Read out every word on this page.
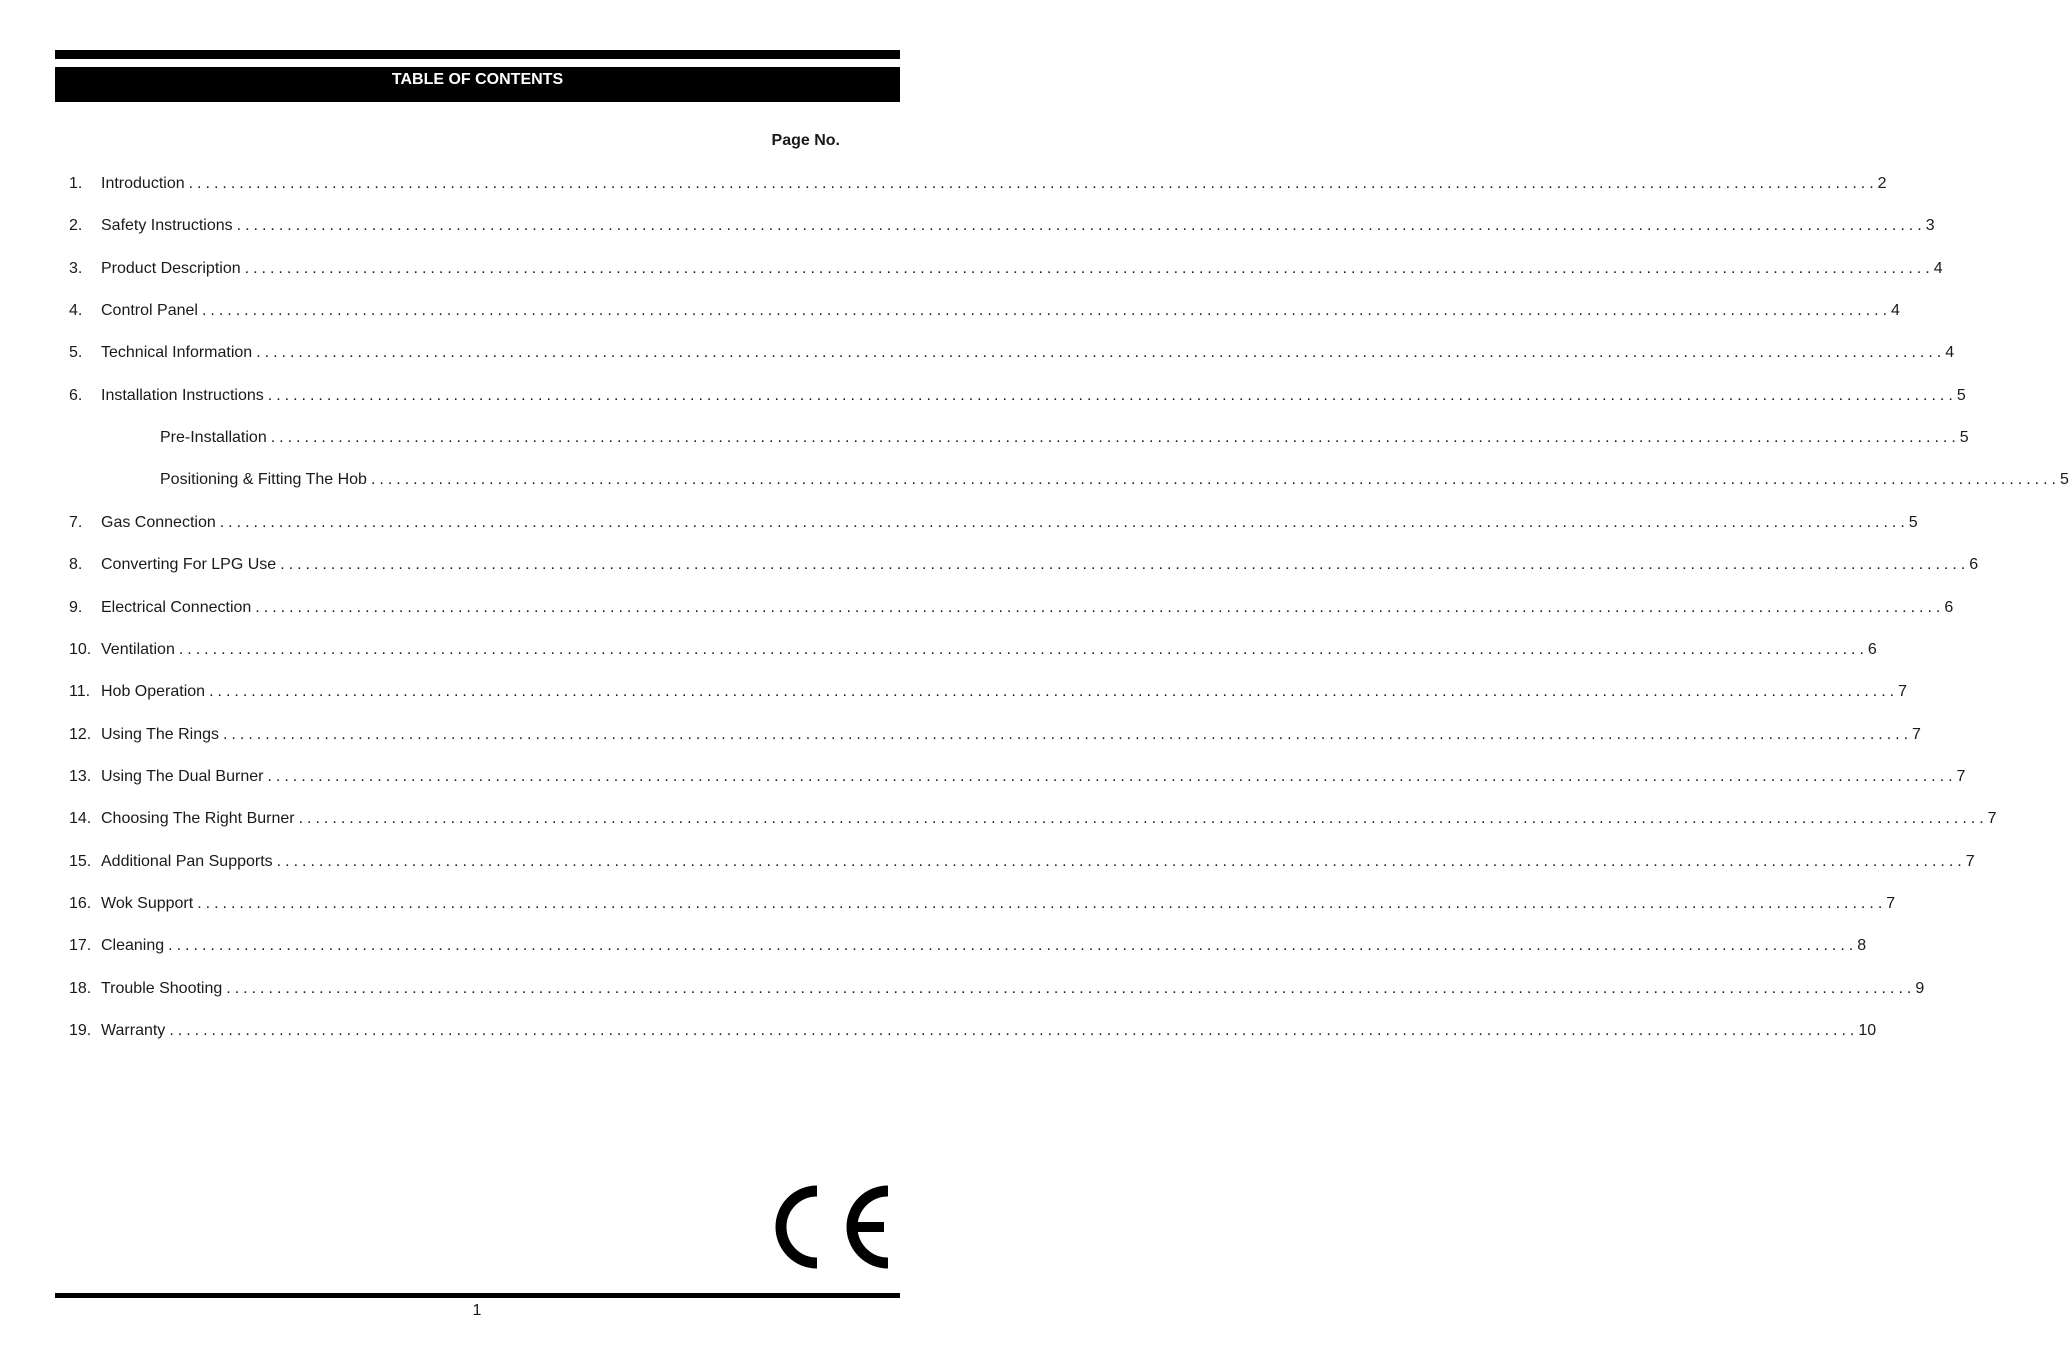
TABLE OF CONTENTS
Page No.
1.	Introduction ........................................................................................................................................................................................................ 2
2.	Safety Instructions ........................................................................................................................................................................................................ 3
3.	Product Description ........................................................................................................................................................................................................ 4
4.	Control Panel ........................................................................................................................................................................................................ 4
5.	Technical Information ........................................................................................................................................................................................................ 4
6.	Installation Instructions ........................................................................................................................................................................................................ 5
Pre-Installation ........................................................................................................................................................................................................ 5
Positioning & Fitting The Hob ........................................................................................................................................................................................................ 5
7.	Gas Connection ........................................................................................................................................................................................................ 5
8.	Converting For LPG Use ........................................................................................................................................................................................................ 6
9.	Electrical Connection ........................................................................................................................................................................................................ 6
10. Ventilation ........................................................................................................................................................................................................ 6
11. Hob Operation ........................................................................................................................................................................................................ 7
12. Using The Rings ........................................................................................................................................................................................................ 7
13. Using The Dual Burner ........................................................................................................................................................................................................ 7
14. Choosing The Right Burner ........................................................................................................................................................................................................ 7
15. Additional Pan Supports ........................................................................................................................................................................................................ 7
16. Wok Support ........................................................................................................................................................................................................ 7
17. Cleaning ........................................................................................................................................................................................................ 8
18. Trouble Shooting ........................................................................................................................................................................................................ 9
19. Warranty ........................................................................................................................................................................................................ 10
1
